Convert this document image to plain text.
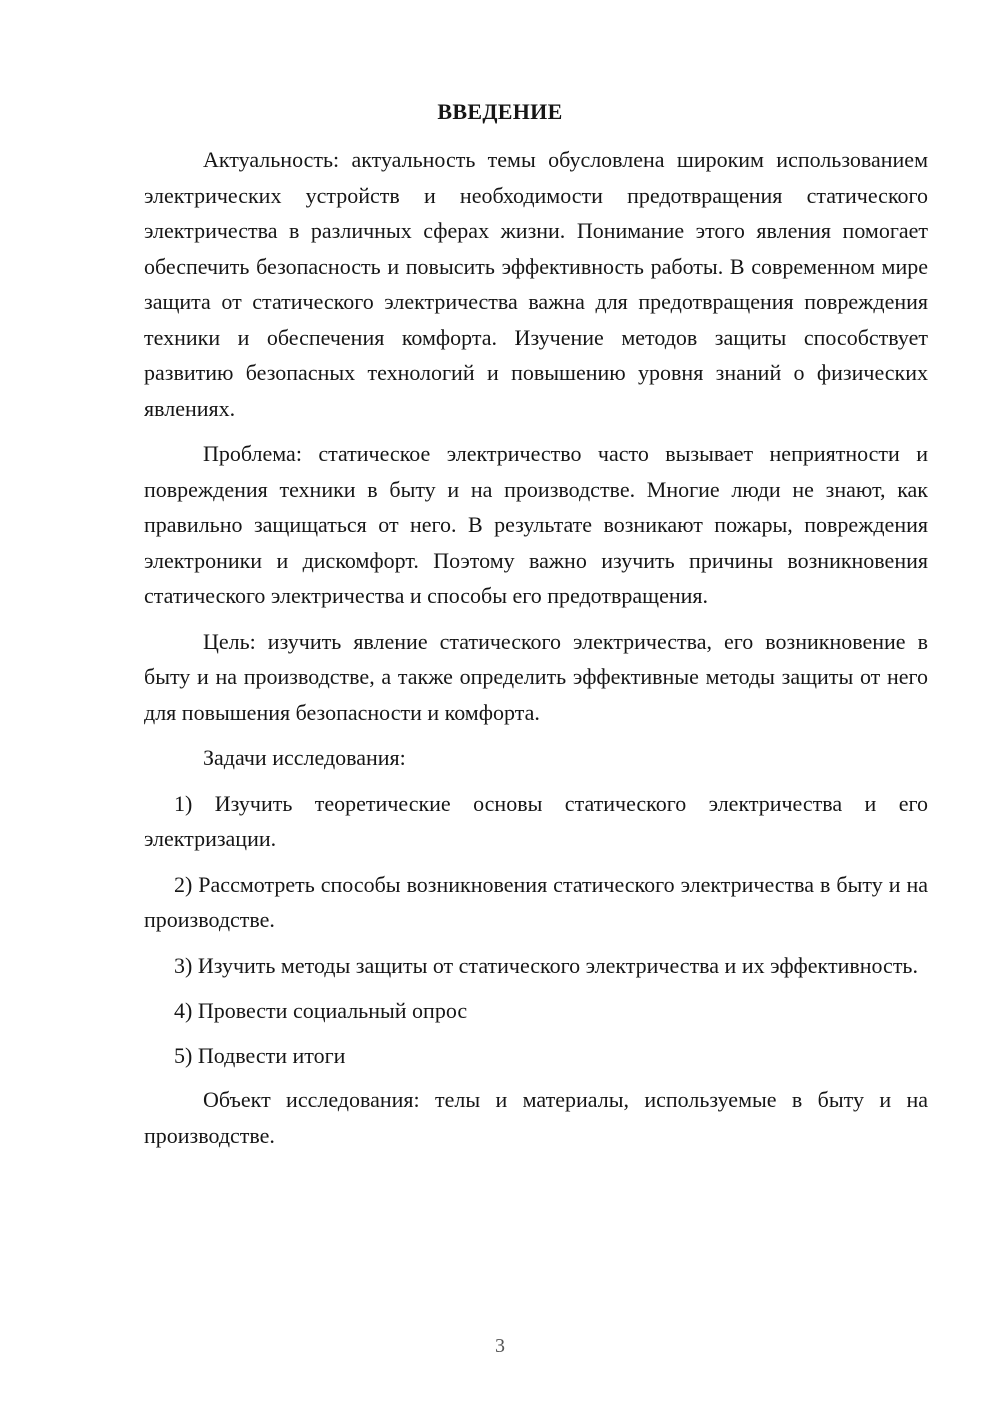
ВВЕДЕНИЕ

Актуальность: актуальность темы обусловлена широким использованием электрических устройств и необходимости предотвращения статического электричества в различных сферах жизни. Понимание этого явления помогает обеспечить безопасность и повысить эффективность работы. В современном мире защита от статического электричества важна для предотвращения повреждения техники и обеспечения комфорта. Изучение методов защиты способствует развитию безопасных технологий и повышению уровня знаний о физических явлениях.

Проблема: статическое электричество часто вызывает неприятности и повреждения техники в быту и на производстве. Многие люди не знают, как правильно защищаться от него. В результате возникают пожары, повреждения электроники и дискомфорт. Поэтому важно изучить причины возникновения статического электричества и способы его предотвращения.

Цель: изучить явление статического электричества, его возникновение в быту и на производстве, а также определить эффективные методы защиты от него для повышения безопасности и комфорта.

Задачи исследования:

1) Изучить теоретические основы статического электричества и его электризации.

2) Рассмотреть способы возникновения статического электричества в быту и на производстве.

3) Изучить методы защиты от статического электричества и их эффективность.

4) Провести социальный опрос

5) Подвести итоги

Объект исследования: телы и материалы, используемые в быту и на производстве.

3
